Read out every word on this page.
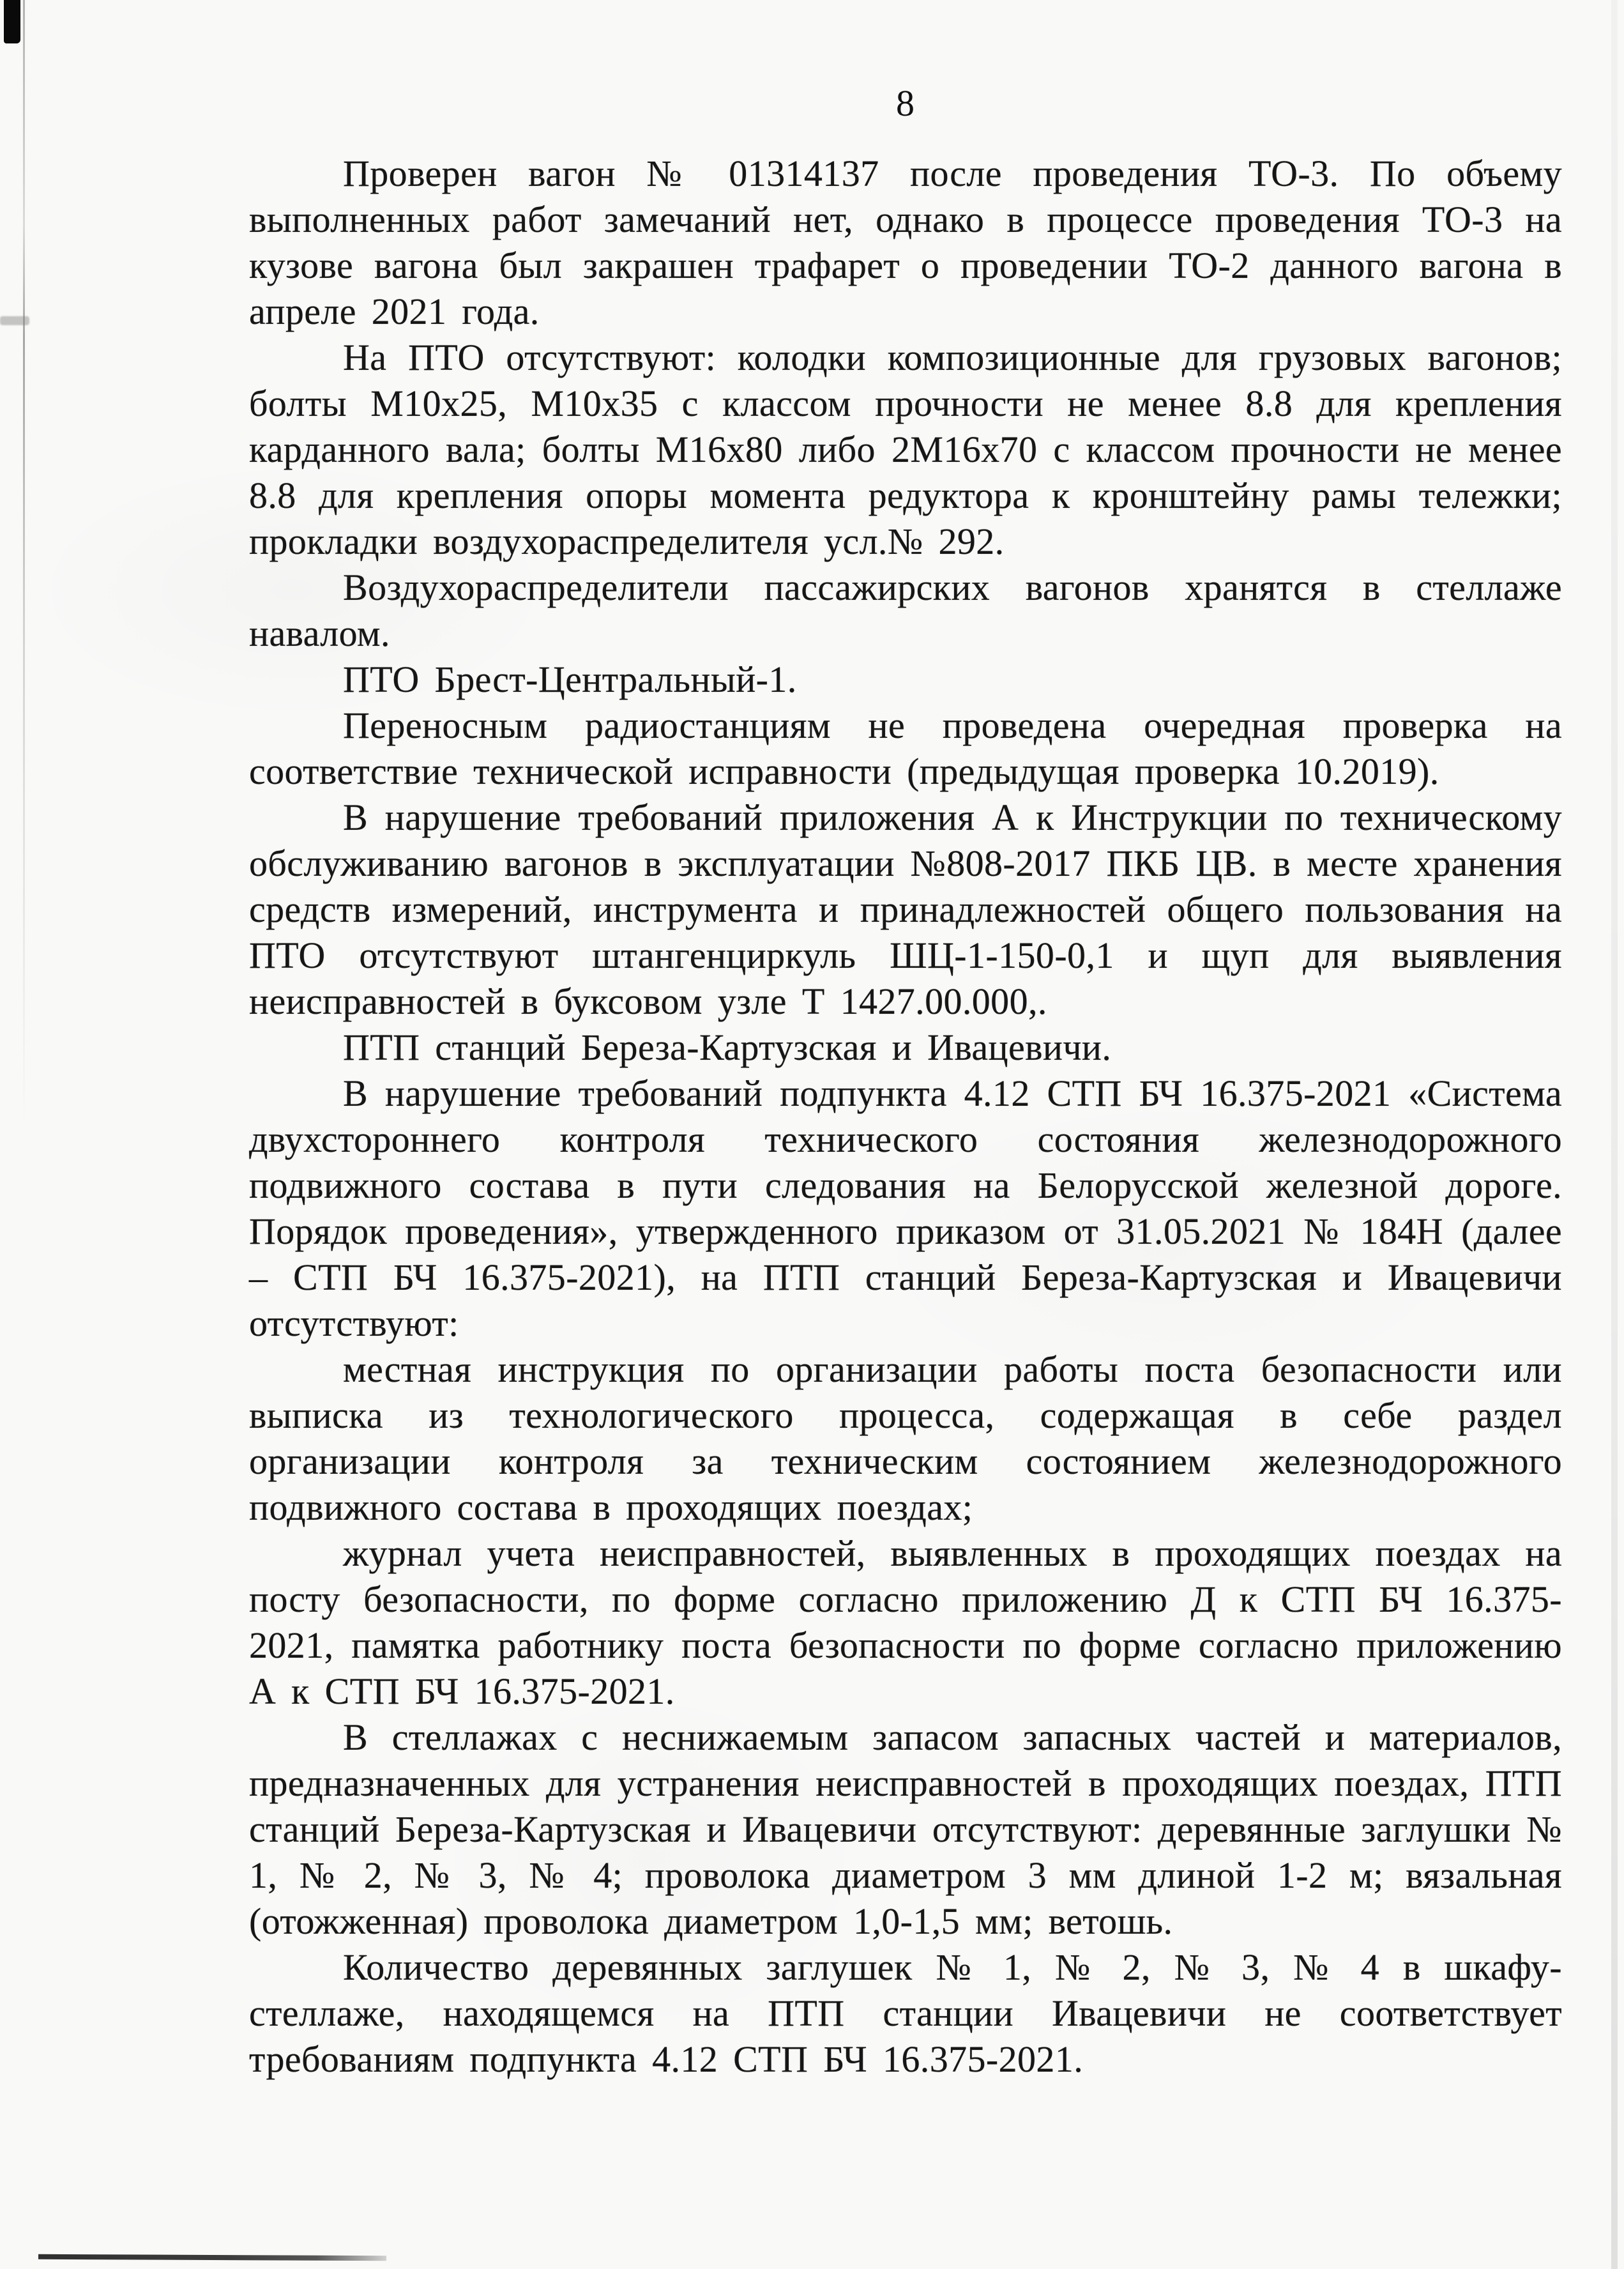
8

Проверен вагон № 01314137 после проведения ТО-3. По объему выполненных работ замечаний нет, однако в процессе проведения ТО-3 на кузове вагона был закрашен трафарет о проведении ТО-2 данного вагона в апреле 2021 года.

На ПТО отсутствуют: колодки композиционные для грузовых вагонов; болты М10х25, М10х35 с классом прочности не менее 8.8 для крепления карданного вала; болты М16х80 либо 2М16х70 с классом прочности не менее 8.8 для крепления опоры момента редуктора к кронштейну рамы тележки; прокладки воздухораспределителя усл.№ 292.

Воздухораспределители пассажирских вагонов хранятся в стеллаже навалом.

ПТО Брест-Центральный-1.

Переносным радиостанциям не проведена очередная проверка на соответствие технической исправности (предыдущая проверка 10.2019).

В нарушение требований приложения А к Инструкции по техническому обслуживанию вагонов в эксплуатации №808-2017 ПКБ ЦВ. в месте хранения средств измерений, инструмента и принадлежностей общего пользования на ПТО отсутствуют штангенциркуль ШЦ-1-150-0,1 и щуп для выявления неисправностей в буксовом узле Т 1427.00.000,.

ПТП станций Береза-Картузская и Ивацевичи.

В нарушение требований подпункта 4.12 СТП БЧ 16.375-2021 «Система двухстороннего контроля технического состояния железнодорожного подвижного состава в пути следования на Белорусской железной дороге. Порядок проведения», утвержденного приказом от 31.05.2021 № 184Н (далее – СТП БЧ 16.375-2021), на ПТП станций Береза-Картузская и Ивацевичи отсутствуют:

местная инструкция по организации работы поста безопасности или выписка из технологического процесса, содержащая в себе раздел организации контроля за техническим состоянием железнодорожного подвижного состава в проходящих поездах;

журнал учета неисправностей, выявленных в проходящих поездах на посту безопасности, по форме согласно приложению Д к СТП БЧ 16.375-2021, памятка работнику поста безопасности по форме согласно приложению А к СТП БЧ 16.375-2021.

В стеллажах с неснижаемым запасом запасных частей и материалов, предназначенных для устранения неисправностей в проходящих поездах, ПТП станций Береза-Картузская и Ивацевичи отсутствуют: деревянные заглушки № 1, № 2, № 3, № 4; проволока диаметром 3 мм длиной 1-2 м; вязальная (отожженная) проволока диаметром 1,0-1,5 мм; ветошь.

Количество деревянных заглушек № 1, № 2, № 3, № 4 в шкафу-стеллаже, находящемся на ПТП станции Ивацевичи не соответствует требованиям подпункта 4.12 СТП БЧ 16.375-2021.
